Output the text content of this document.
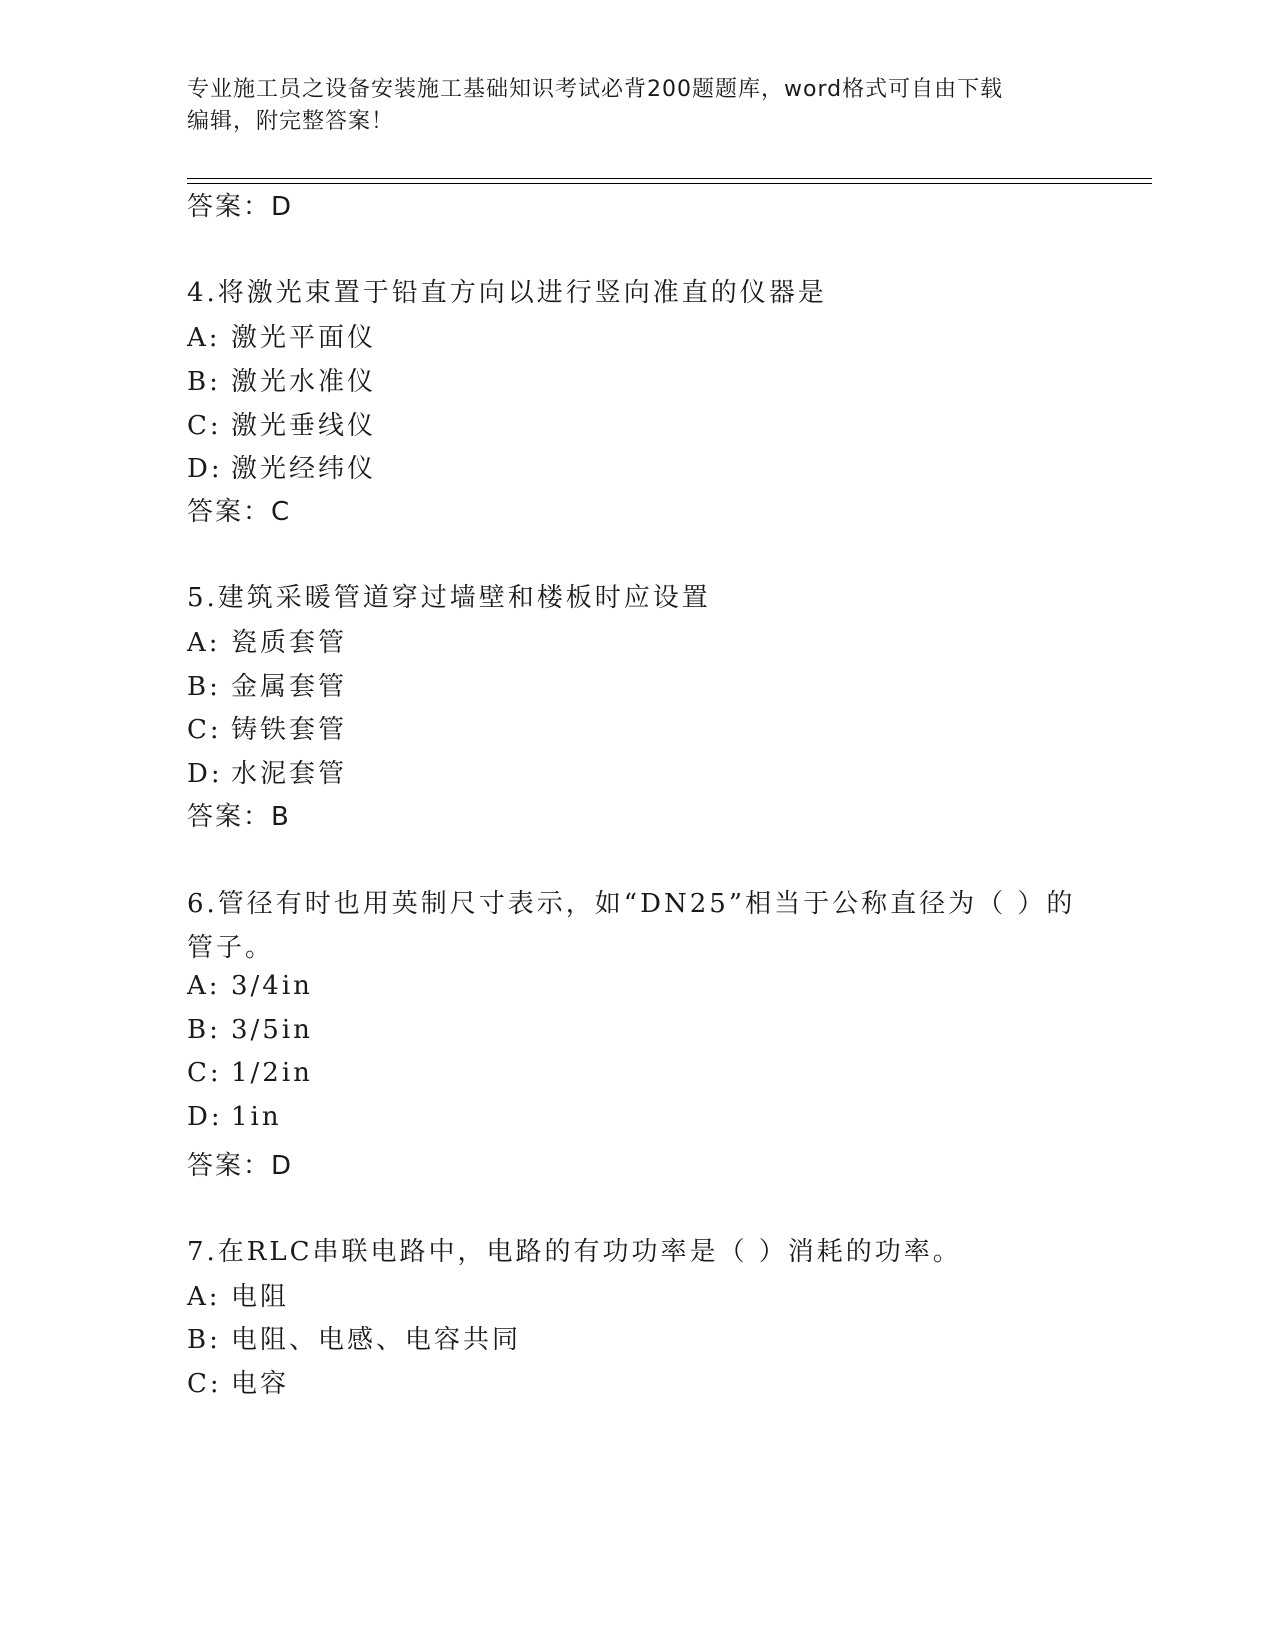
专业施工员之设备安装施工基础知识考试必背200题题库，word格式可自由下载
编辑，附完整答案！
答案：D
4.将激光束置于铅直方向以进行竖向准直的仪器是
A: 激光平面仪
B: 激光水准仪
C: 激光垂线仪
D: 激光经纬仪
答案：C
5.建筑采暖管道穿过墙壁和楼板时应设置
A: 瓷质套管
B: 金属套管
C: 铸铁套管
D: 水泥套管
答案：B
6.管径有时也用英制尺寸表示，如“DN25”相当于公称直径为（ ）的
管子。
A: 3/4in
B: 3/5in
C: 1/2in
D: 1in
答案：D
7.在RLC串联电路中，电路的有功功率是（ ）消耗的功率。
A: 电阻
B: 电阻、电感、电容共同
C: 电容
